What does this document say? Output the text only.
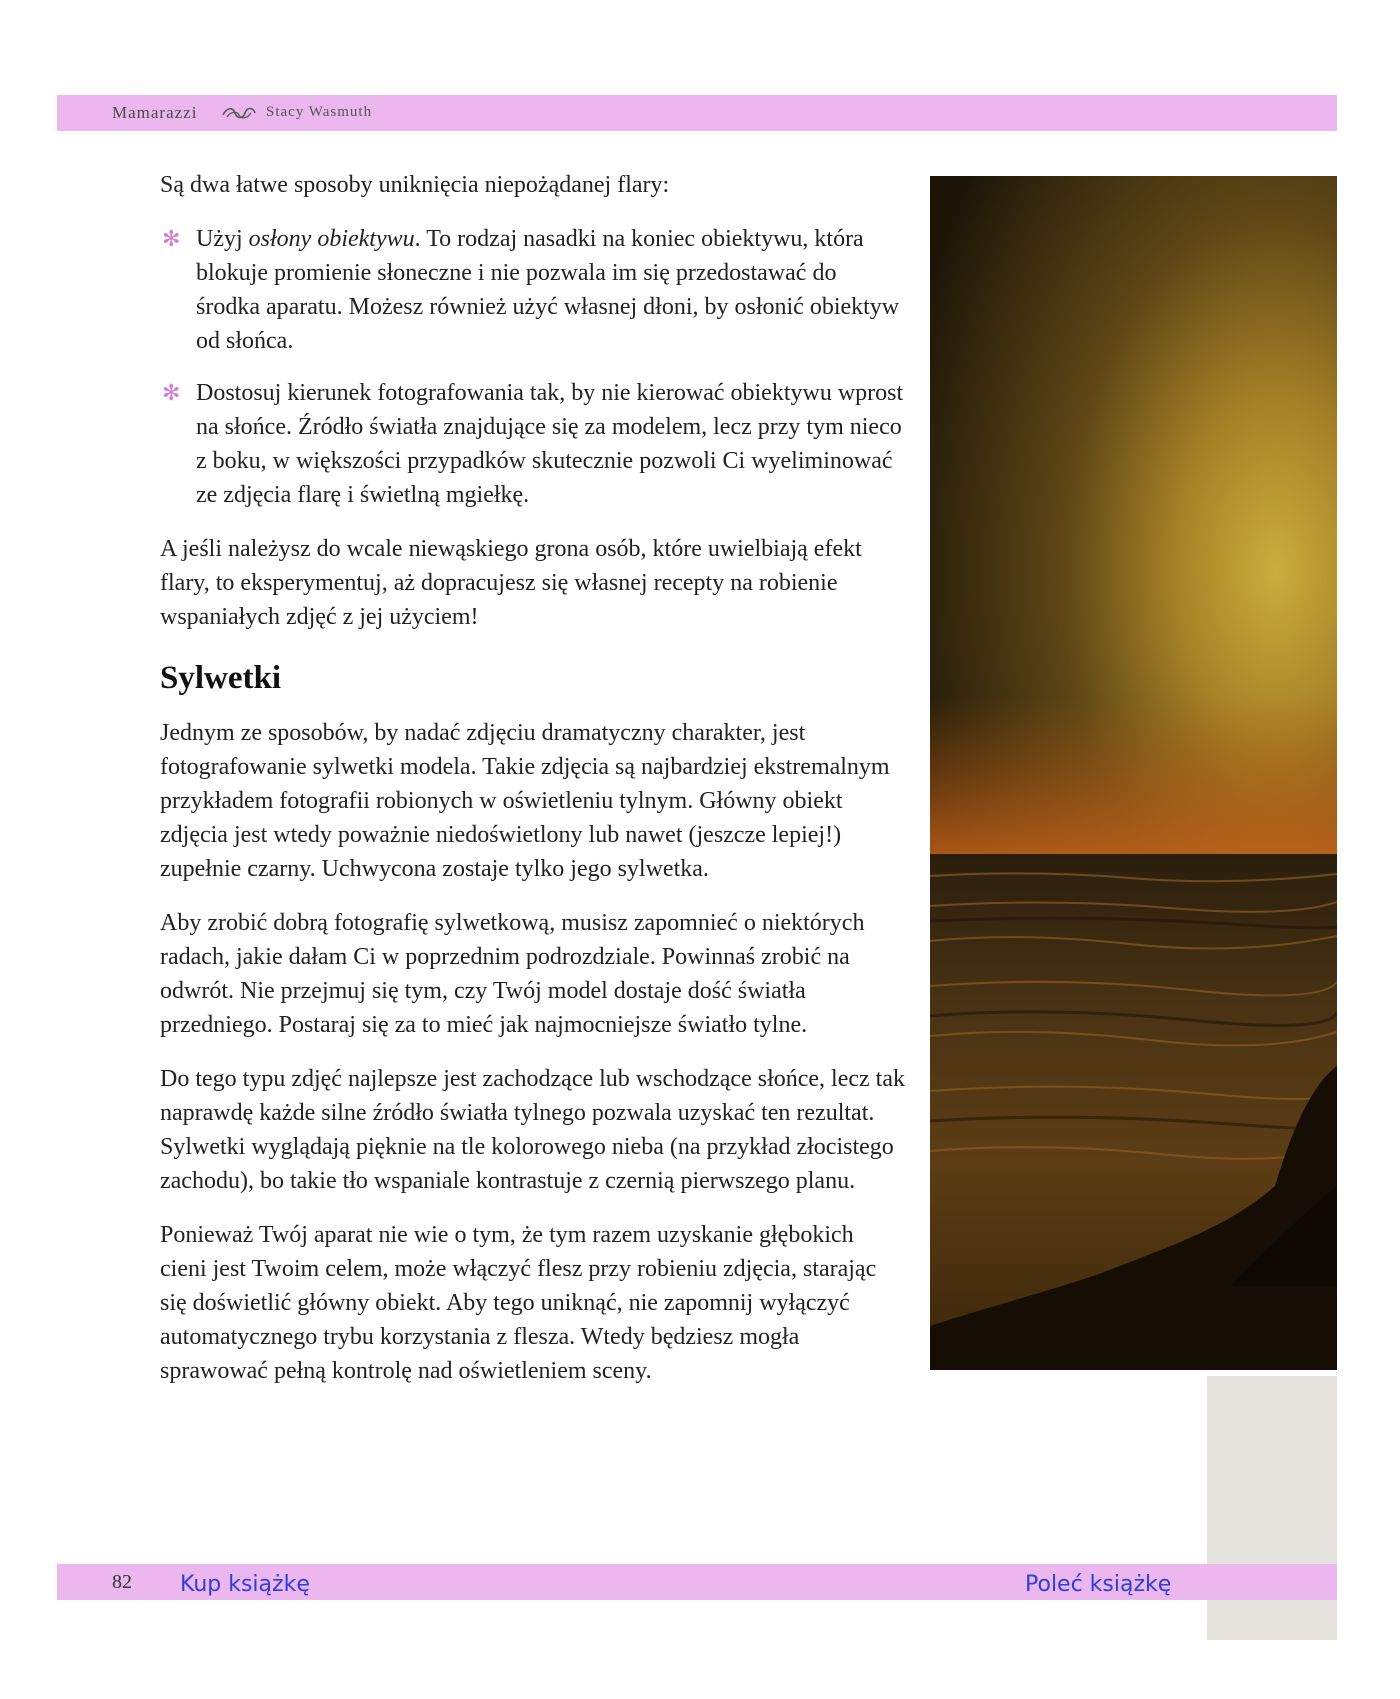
Mamarazzi	Stacy Wasmuth

Są dwa łatwe sposoby uniknięcia niepożądanej flary:

✻ Użyj osłony obiektywu. To rodzaj nasadki na koniec obiektywu, która blokuje promienie słoneczne i nie pozwala im się przedostawać do środka aparatu. Możesz również użyć własnej dłoni, by osłonić obiektyw od słońca.
✻ Dostosuj kierunek fotografowania tak, by nie kierować obiektywu wprost na słońce. Źródło światła znajdujące się za modelem, lecz przy tym nieco z boku, w większości przypadków skutecznie pozwoli Ci wyeliminować ze zdjęcia flarę i świetlną mgiełkę.

A jeśli należysz do wcale niewąskiego grona osób, które uwielbiają efekt flary, to eksperymentuj, aż dopracujesz się własnej recepty na robienie wspaniałych zdjęć z jej użyciem!

Sylwetki

Jednym ze sposobów, by nadać zdjęciu dramatyczny charakter, jest fotografowanie sylwetki modela. Takie zdjęcia są najbardziej ekstremalnym przykładem fotografii robionych w oświetleniu tylnym. Główny obiekt zdjęcia jest wtedy poważnie niedoświetlony lub nawet (jeszcze lepiej!) zupełnie czarny. Uchwycona zostaje tylko jego sylwetka.

Aby zrobić dobrą fotografię sylwetkową, musisz zapomnieć o niektórych radach, jakie dałam Ci w poprzednim podrozdziale. Powinnaś zrobić na odwrót. Nie przejmuj się tym, czy Twój model dostaje dość światła przedniego. Postaraj się za to mieć jak najmocniejsze światło tylne.

Do tego typu zdjęć najlepsze jest zachodzące lub wschodzące słońce, lecz tak naprawdę każde silne źródło światła tylnego pozwala uzyskać ten rezultat. Sylwetki wyglądają pięknie na tle kolorowego nieba (na przykład złocistego zachodu), bo takie tło wspaniale kontrastuje z czernią pierwszego planu.

Ponieważ Twój aparat nie wie o tym, że tym razem uzyskanie głębokich cieni jest Twoim celem, może włączyć flesz przy robieniu zdjęcia, starając się doświetlić główny obiekt. Aby tego uniknąć, nie zapomnij wyłączyć automatycznego trybu korzystania z flesza. Wtedy będziesz mogła sprawować pełną kontrolę nad oświetleniem sceny.

82 Kup książkę	Poleć książkę
